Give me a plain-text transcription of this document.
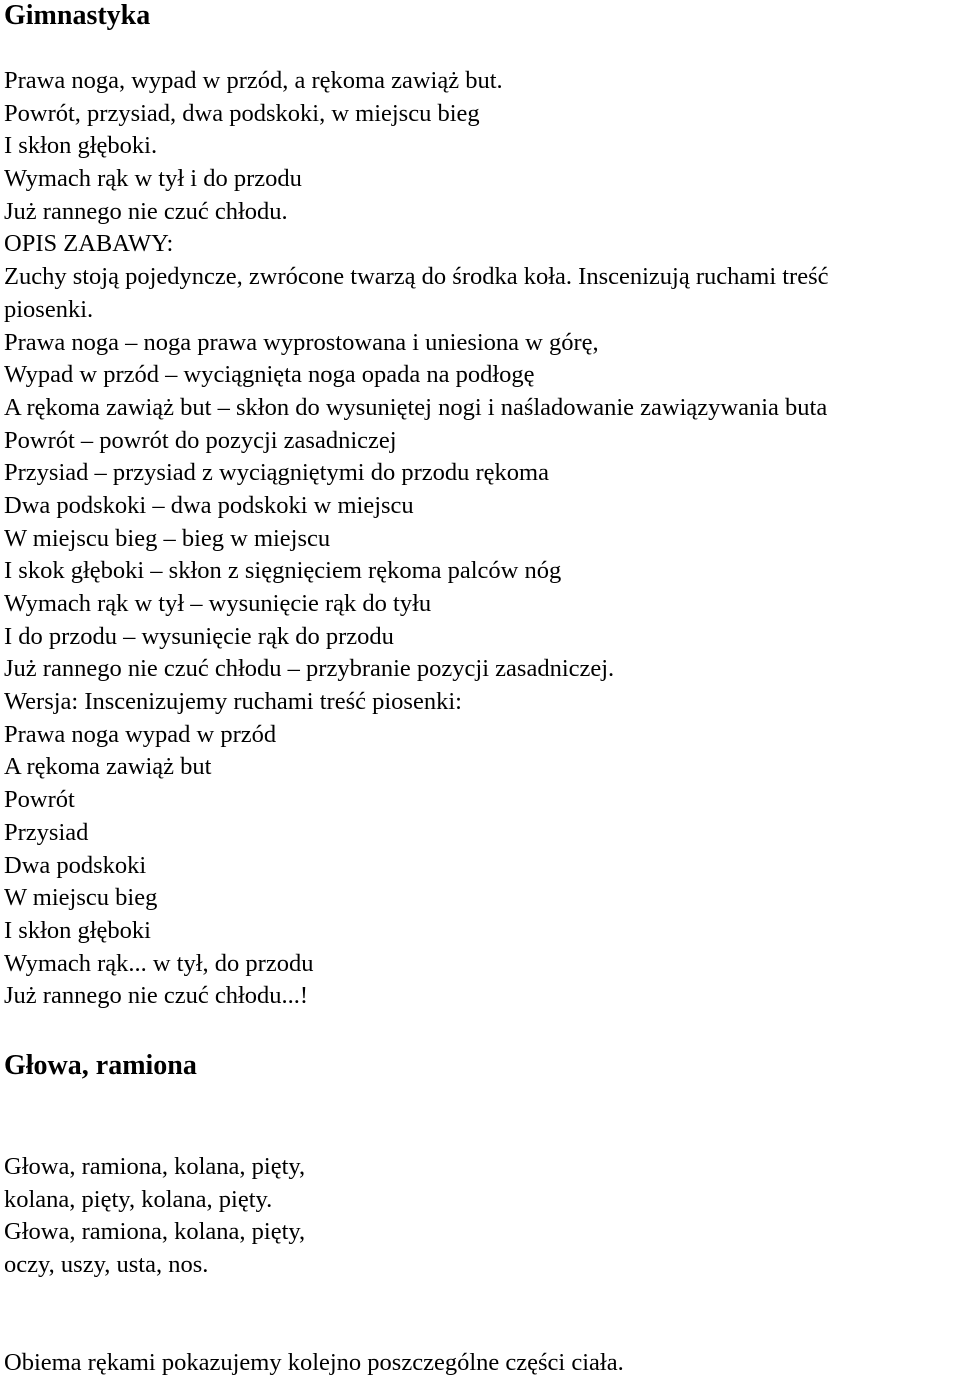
Gimnastyka

Prawa noga, wypad w przód, a rękoma zawiąż but.

Powrót, przysiad, dwa podskoki, w miejscu bieg

I skłon głęboki.

Wymach rąk w tył i do przodu

Już rannego nie czuć chłodu.

OPIS ZABAWY:

Zuchy stoją pojedyncze, zwrócone twarzą do środka koła. Inscenizują ruchami treść

piosenki.

Prawa noga – noga prawa wyprostowana i uniesiona w górę,

Wypad w przód – wyciągnięta noga opada na podłogę

A rękoma zawiąż but – skłon do wysuniętej nogi i naśladowanie zawiązywania buta

Powrót – powrót do pozycji zasadniczej

Przysiad – przysiad z wyciągniętymi do przodu rękoma

Dwa podskoki – dwa podskoki w miejscu

W miejscu bieg – bieg w miejscu

I skok głęboki – skłon z sięgnięciem rękoma palców nóg

Wymach rąk w tył – wysunięcie rąk do tyłu

I do przodu – wysunięcie rąk do przodu

Już rannego nie czuć chłodu – przybranie pozycji zasadniczej.

Wersja: Inscenizujemy ruchami treść piosenki:

Prawa noga wypad w przód

A rękoma zawiąż but

Powrót

Przysiad

Dwa podskoki

W miejscu bieg

I skłon głęboki

Wymach rąk... w tył, do przodu

Już rannego nie czuć chłodu...!

Głowa, ramiona

Głowa, ramiona, kolana, pięty,

kolana, pięty, kolana, pięty.

Głowa, ramiona, kolana, pięty,

oczy, uszy, usta, nos.

Obiema rękami pokazujemy kolejno poszczególne części ciała.
